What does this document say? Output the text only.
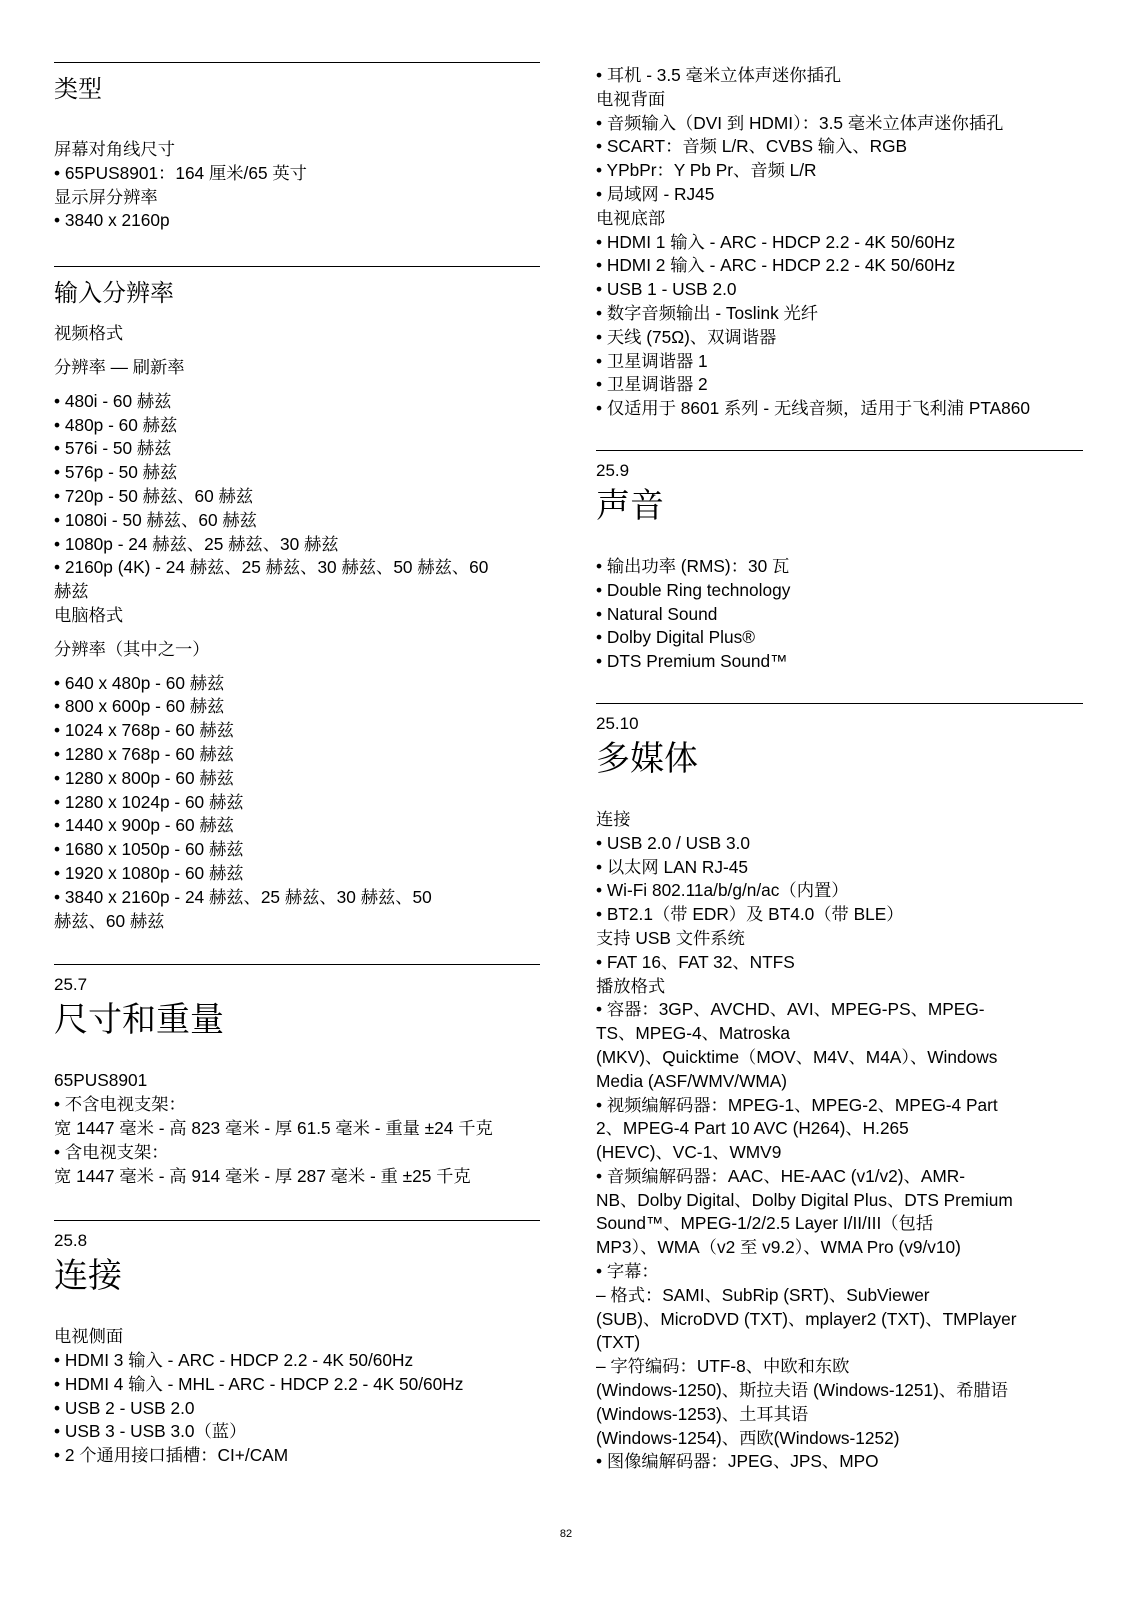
类型

屏幕对角线尺寸

• 65PUS8901：164 厘米/65 英寸

显示屏分辨率

• 3840 x 2160p

输入分辨率

视频格式

分辨率 — 刷新率

• 480i - 60 赫兹

• 480p - 60 赫兹

• 576i - 50 赫兹

• 576p - 50 赫兹

• 720p - 50 赫兹、60 赫兹

• 1080i - 50 赫兹、60 赫兹

• 1080p - 24 赫兹、25 赫兹、30 赫兹

• 2160p (4K) - 24 赫兹、25 赫兹、30 赫兹、50 赫兹、60

赫兹

电脑格式

分辨率（其中之一）

• 640 x 480p - 60 赫兹

• 800 x 600p - 60 赫兹

• 1024 x 768p - 60 赫兹

• 1280 x 768p - 60 赫兹

• 1280 x 800p - 60 赫兹

• 1280 x 1024p - 60 赫兹

• 1440 x 900p - 60 赫兹

• 1680 x 1050p - 60 赫兹

• 1920 x 1080p - 60 赫兹

• 3840 x 2160p - 24 赫兹、25 赫兹、30 赫兹、50

赫兹、60 赫兹

25.7

尺寸和重量

65PUS8901

• 不含电视支架：

宽 1447 毫米 - 高 823 毫米 - 厚 61.5 毫米 - 重量 ±24 千克

• 含电视支架：

宽 1447 毫米 - 高 914 毫米 - 厚 287 毫米 - 重 ±25 千克

25.8

连接

电视侧面

• HDMI 3 输入 - ARC - HDCP 2.2 - 4K 50/60Hz

• HDMI 4 输入 - MHL - ARC - HDCP 2.2 - 4K 50/60Hz

• USB 2 - USB 2.0

• USB 3 - USB 3.0（蓝）

• 2 个通用接口插槽：CI+/CAM

• 耳机 - 3.5 毫米立体声迷你插孔

电视背面

• 音频输入（DVI 到 HDMI）：3.5 毫米立体声迷你插孔

• SCART：音频 L/R、CVBS 输入、RGB

• YPbPr：Y Pb Pr、音频 L/R

• 局域网 - RJ45

电视底部

• HDMI 1 输入 - ARC - HDCP 2.2 - 4K 50/60Hz

• HDMI 2 输入 - ARC - HDCP 2.2 - 4K 50/60Hz

• USB 1 - USB 2.0

• 数字音频输出 - Toslink 光纤

• 天线 (75Ω)、双调谐器

• 卫星调谐器 1

• 卫星调谐器 2

• 仅适用于 8601 系列 - 无线音频，适用于飞利浦 PTA860

25.9

声音

• 输出功率 (RMS)：30 瓦

• Double Ring technology

• Natural Sound

• Dolby Digital Plus®

• DTS Premium Sound™

25.10

多媒体

连接

• USB 2.0 / USB 3.0

• 以太网 LAN RJ-45

• Wi-Fi 802.11a/b/g/n/ac（内置）

• BT2.1（带 EDR）及 BT4.0（带 BLE）

支持 USB 文件系统

• FAT 16、FAT 32、NTFS

播放格式

• 容器：3GP、AVCHD、AVI、MPEG-PS、MPEG-

TS、MPEG-4、Matroska

(MKV)、Quicktime（MOV、M4V、M4A）、Windows

Media (ASF/WMV/WMA)

• 视频编解码器：MPEG-1、MPEG-2、MPEG-4 Part

2、MPEG-4 Part 10 AVC (H264)、H.265

(HEVC)、VC-1、WMV9

• 音频编解码器：AAC、HE-AAC (v1/v2)、AMR-

NB、Dolby Digital、Dolby Digital Plus、DTS Premium

Sound™、MPEG-1/2/2.5 Layer I/II/III（包括

MP3）、WMA（v2 至 v9.2）、WMA Pro (v9/v10)

• 字幕：

– 格式：SAMI、SubRip (SRT)、SubViewer

(SUB)、MicroDVD (TXT)、mplayer2 (TXT)、TMPlayer

(TXT)

– 字符编码：UTF-8、中欧和东欧

(Windows-1250)、斯拉夫语 (Windows-1251)、希腊语

(Windows-1253)、土耳其语

(Windows-1254)、西欧(Windows-1252)

• 图像编解码器：JPEG、JPS、MPO

82
